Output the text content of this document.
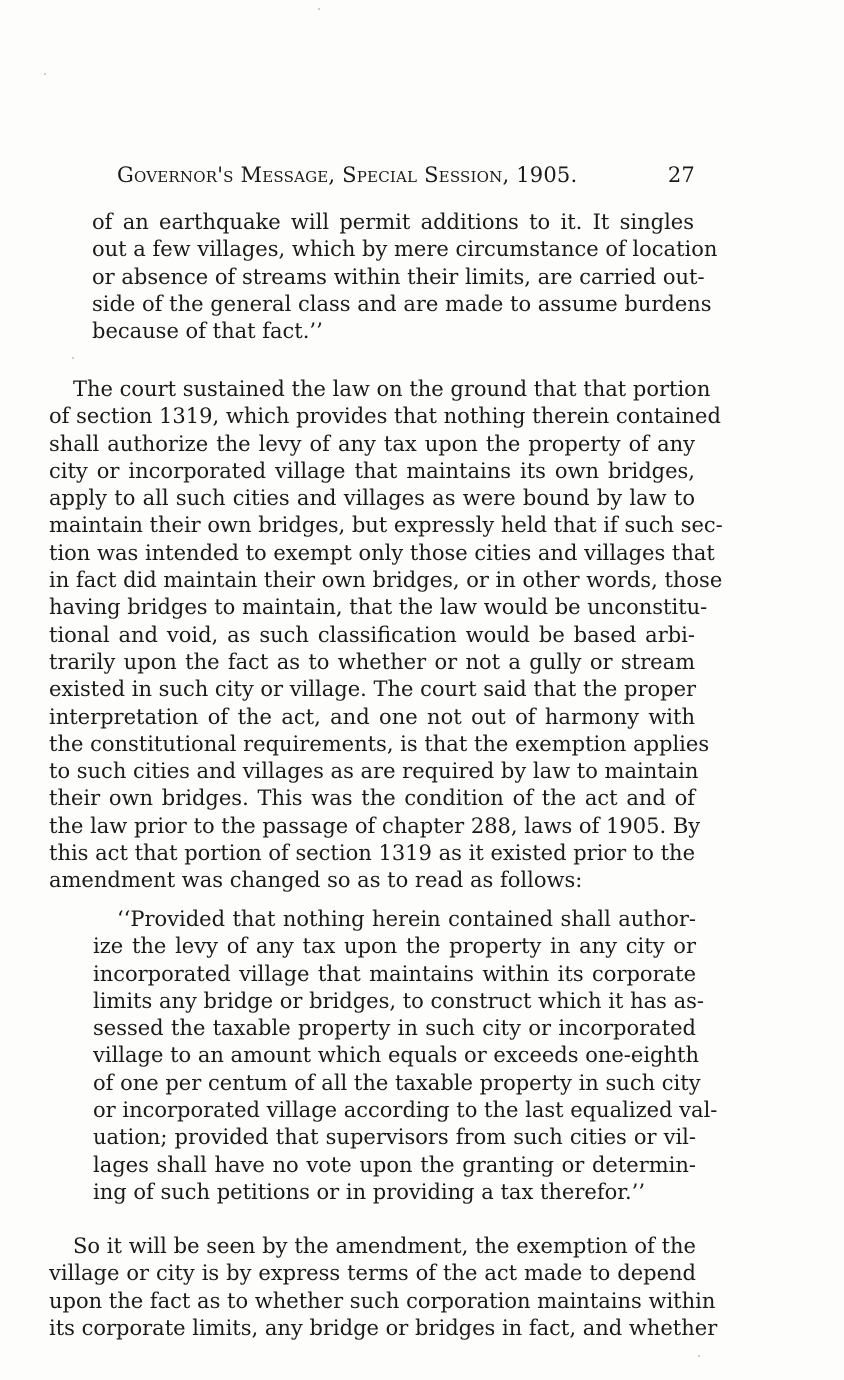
Governor's Message, Special Session, 1905.	27
of an earthquake will permit additions to it. It singles
out a few villages, which by mere circumstance of location
or absence of streams within their limits, are carried out-
side of the general class and are made to assume burdens
because of that fact.’’
The court sustained the law on the ground that that portion
of section 1319, which provides that nothing therein contained
shall authorize the levy of any tax upon the property of any
city or incorporated village that maintains its own bridges,
apply to all such cities and villages as were bound by law to
maintain their own bridges, but expressly held that if such sec-
tion was intended to exempt only those cities and villages that
in fact did maintain their own bridges, or in other words, those
having bridges to maintain, that the law would be unconstitu-
tional and void, as such classification would be based arbi-
trarily upon the fact as to whether or not a gully or stream
existed in such city or village. The court said that the proper
interpretation of the act, and one not out of harmony with
the constitutional requirements, is that the exemption applies
to such cities and villages as are required by law to maintain
their own bridges. This was the condition of the act and of
the law prior to the passage of chapter 288, laws of 1905. By
this act that portion of section 1319 as it existed prior to the
amendment was changed so as to read as follows:
‘‘Provided that nothing herein contained shall author-
ize the levy of any tax upon the property in any city or
incorporated village that maintains within its corporate
limits any bridge or bridges, to construct which it has as-
sessed the taxable property in such city or incorporated
village to an amount which equals or exceeds one-eighth
of one per centum of all the taxable property in such city
or incorporated village according to the last equalized val-
uation; provided that supervisors from such cities or vil-
lages shall have no vote upon the granting or determin-
ing of such petitions or in providing a tax therefor.’’
So it will be seen by the amendment, the exemption of the
village or city is by express terms of the act made to depend
upon the fact as to whether such corporation maintains within
its corporate limits, any bridge or bridges in fact, and whether
